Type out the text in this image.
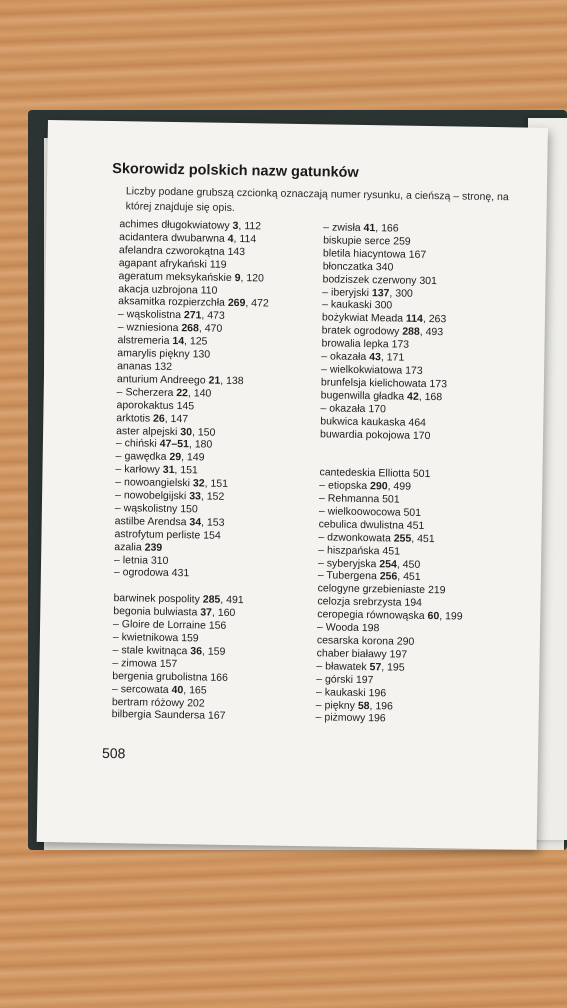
Skorowidz polskich nazw gatunków
Liczby podane grubszą czcionką oznaczają numer rysunku, a cieńszą – stronę, na której znajduje się opis.
achimes długokwiatowy 3, 112
acidantera dwubarwna 4, 114
afelandra czworokątna 143
agapant afrykański 119
ageratum meksykańskie 9, 120
akacja uzbrojona 110
aksamitka rozpierzchła 269, 472
– wąskolistna 271, 473
– wzniesiona 268, 470
alstremeria 14, 125
amarylis piękny 130
ananas 132
anturium Andreego 21, 138
– Scherzera 22, 140
aporokaktus 145
arktotis 26, 147
aster alpejski 30, 150
– chiński 47–51, 180
– gawędka 29, 149
– karłowy 31, 151
– nowoangielski 32, 151
– nowobelgijski 33, 152
– wąskolistny 150
astilbe Arendsa 34, 153
astrofytum perliste 154
azalia 239
– letnia 310
– ogrodowa 431
barwinek pospolity 285, 491
begonia bulwiasta 37, 160
– Gloire de Lorraine 156
– kwietnikowa 159
– stale kwitnąca 36, 159
– zimowa 157
bergenia grubolistna 166
– sercowata 40, 165
bertram różowy 202
bilbergia Saundersa 167
– zwisła 41, 166
biskupie serce 259
bletila hiacyntowa 167
błonczatka 340
bodziszek czerwony 301
– iberyjski 137, 300
– kaukaski 300
bożykwiat Meada 114, 263
bratek ogrodowy 288, 493
browalia lepka 173
– okazała 43, 171
– wielkokwiatowa 173
brunfelsja kielichowata 173
bugenwilla gładka 42, 168
– okazała 170
bukwica kaukaska 464
buwardia pokojowa 170
cantedeskia Elliotta 501
– etiopska 290, 499
– Rehmanna 501
– wielkoowocowa 501
cebulica dwulistna 451
– dzwonkowata 255, 451
– hiszpańska 451
– syberyjska 254, 450
– Tubergena 256, 451
celogyne grzebieniaste 219
celozja srebrzysta 194
ceropegia równowąska 60, 199
– Wooda 198
cesarska korona 290
chaber białawy 197
– bławatek 57, 195
– górski 197
– kaukaski 196
– piękny 58, 196
– piżmowy 196
508
